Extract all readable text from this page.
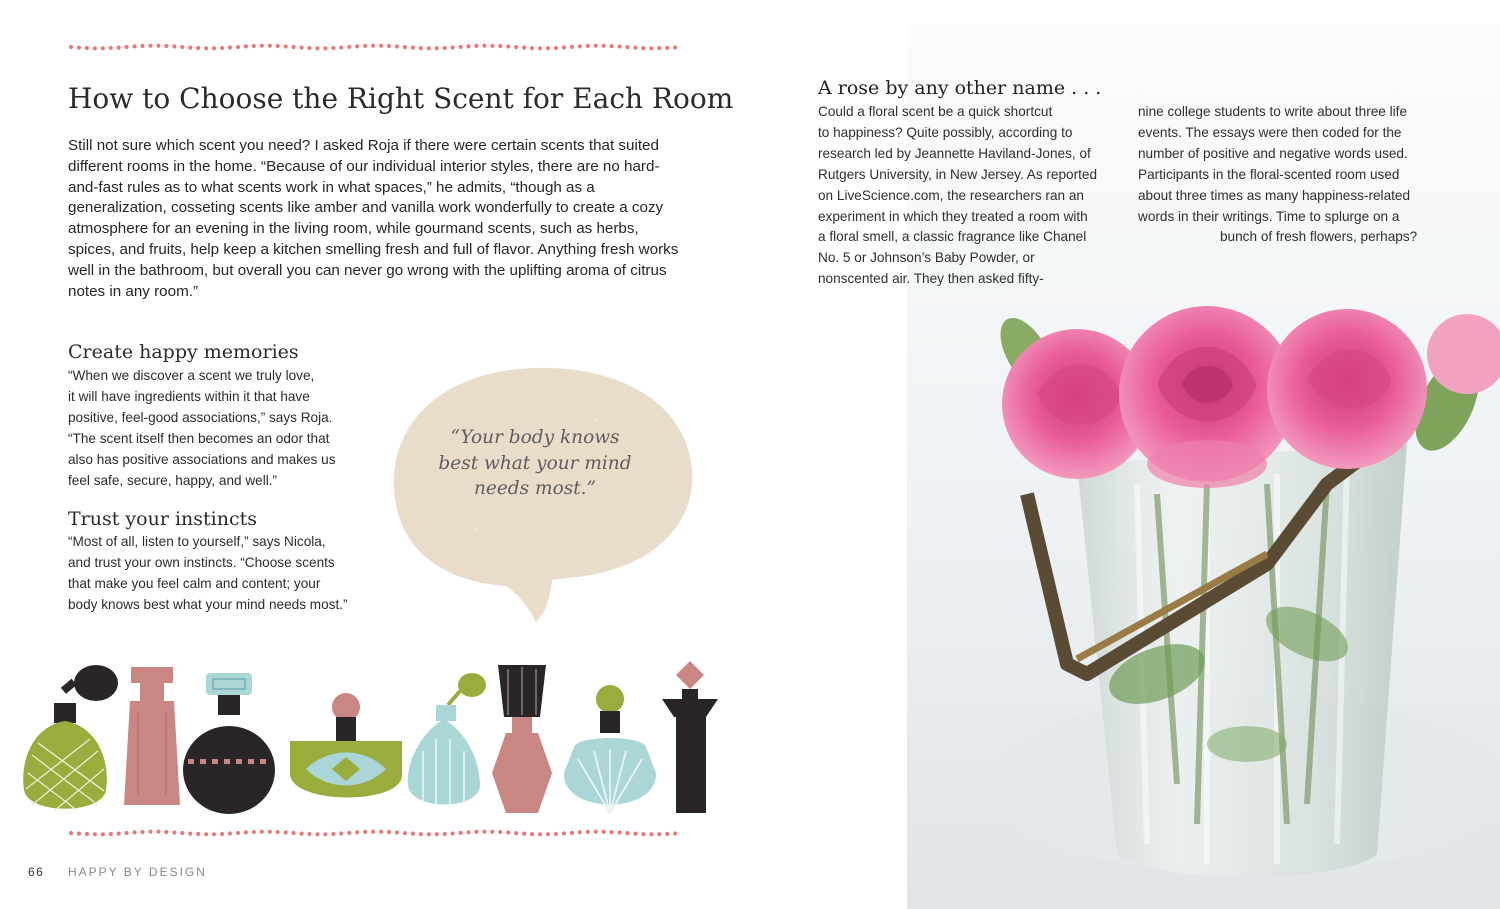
How to Choose the Right Scent for Each Room

Still not sure which scent you need? I asked Roja if there were certain scents that suited different rooms in the home. “Because of our individual interior styles, there are no hard-and-fast rules as to what scents work in what spaces,” he admits, “though as a generalization, cosseting scents like amber and vanilla work wonderfully to create a cozy atmosphere for an evening in the living room, while gourmand scents, such as herbs, spices, and fruits, help keep a kitchen smelling fresh and full of flavor. Anything fresh works well in the bathroom, but overall you can never go wrong with the uplifting aroma of citrus notes in any room.”

Create happy memories
“When we discover a scent we truly love,
it will have ingredients within it that have
positive, feel-good associations,” says Roja.
“The scent itself then becomes an odor that
also has positive associations and makes us
feel safe, secure, happy, and well.”
Trust your instincts
“Most of all, listen to yourself,” says Nicola,
and trust your own instincts. “Choose scents
that make you feel calm and content; your
body knows best what your mind needs most.”
“Your body knows
best what your mind
needs most.”
66 HAPPY BY DESIGN
A rose by any other name . . .

Could a floral scent be a quick shortcut

to happiness? Quite possibly, according to

research led by Jeannette Haviland-Jones, of

Rutgers University, in New Jersey. As reported

on LiveScience.com, the researchers ran an

experiment in which they treated a room with

a floral smell, a classic fragrance like Chanel

No. 5 or Johnson’s Baby Powder, or

nonscented air. They then asked fifty-

nine college students to write about three life

events. The essays were then coded for the

number of positive and negative words used.

Participants in the floral-scented room used

about three times as many happiness-related

words in their writings. Time to splurge on a

bunch of fresh flowers, perhaps?
